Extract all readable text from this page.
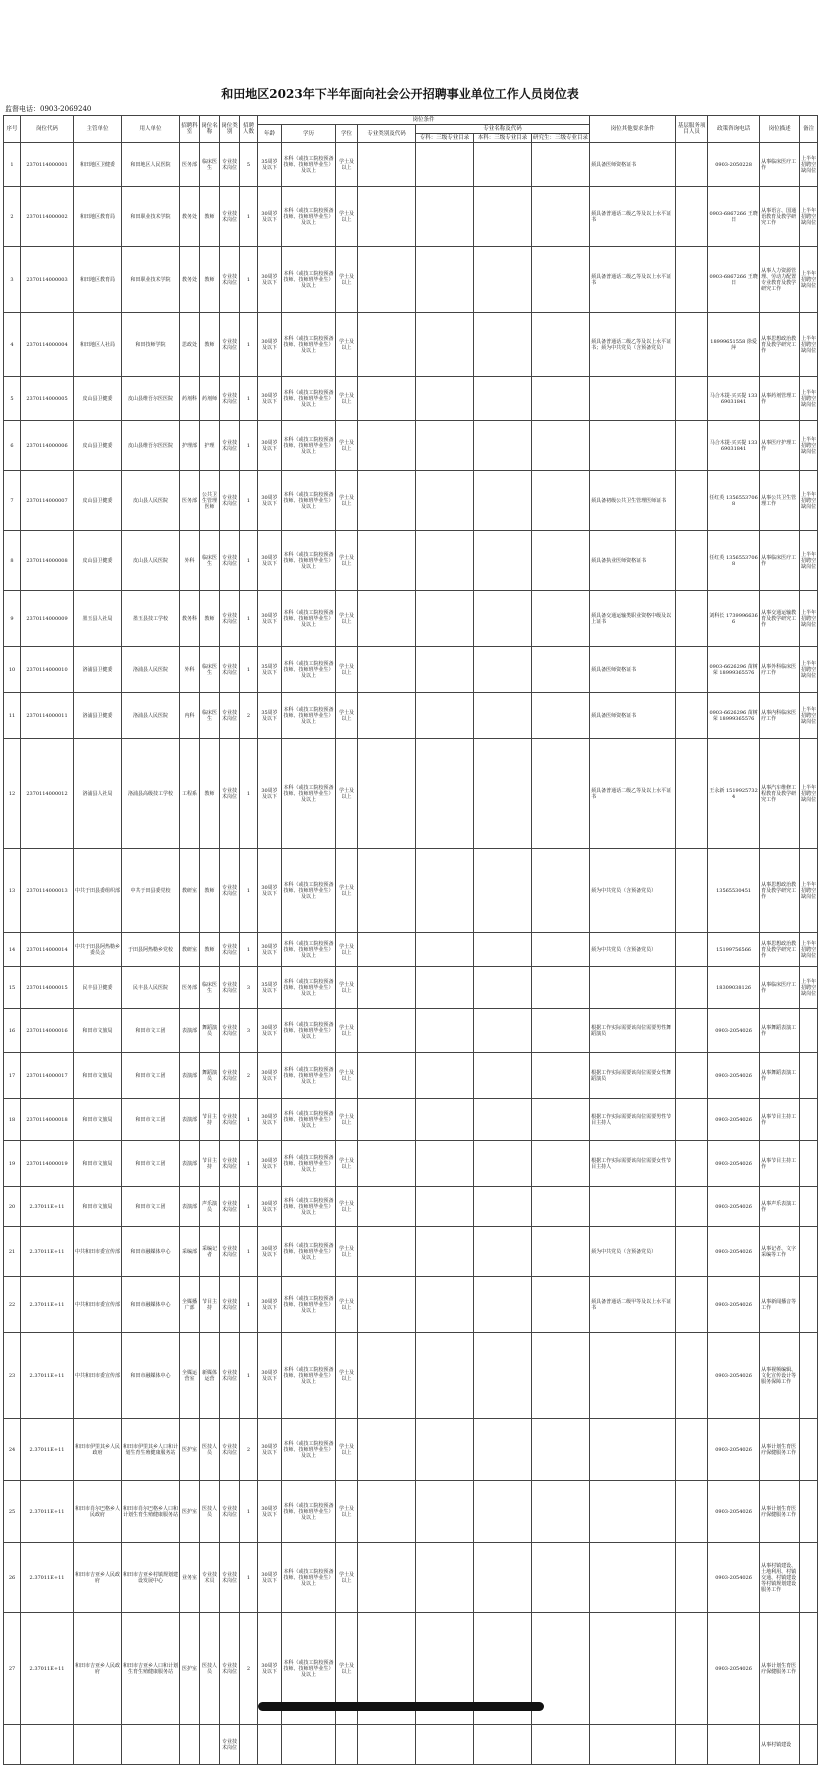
和田地区2023年下半年面向社会公开招聘事业单位工作人员岗位表
监督电话：0903-2069240
序号	岗位代码	主管单位	用人单位	招聘科室	岗位名称	岗位类别	招聘人数	岗位条件							岗位其他要求条件	基层服务项目人员	政策咨询电话	岗位描述	备注
								年龄	学历	学位	专业类别及代码	专业名称及代码							
												专科：三级专业目录	本科：三级专业目录	研究生：三级专业目录					
1	2370114000001	和田地区卫健委	和田地区人民医院	医务部	临床医生	专业技术岗位	5	35周岁及以下	本科（或技工院校预备技师、技师班毕业生）及以上	学士及以上					须具备医师资格证书		0903-2050228	从事临床医疗工作	上半年招聘空缺岗位
2	2370114000002	和田地区教育局	和田职业技术学院	教务处	教师	专业技术岗位	1	30周岁及以下	本科（或技工院校预备技师、技师班毕业生）及以上	学士及以上					须具备普通话二级乙等及以上水平证书		0903-6867266 王晓日	从事语言、国通语教育及教学研究工作	上半年招聘空缺岗位
3	2370114000003	和田地区教育局	和田职业技术学院	教务处	教师	专业技术岗位	1	30周岁及以下	本科（或技工院校预备技师、技师班毕业生）及以上	学士及以上					须具备普通话二级乙等及以上水平证书		0903-6867266 王晓日	从事人力资源管理、劳动力配置专业教育及教学研究工作	上半年招聘空缺岗位
4	2370114000004	和田地区人社局	和田技师学院	思政处	教师	专业技术岗位	1	30周岁及以下	本科（或技工院校预备技师、技师班毕业生）及以上	学士及以上					须具备普通话二级乙等及以上水平证书；须为中共党员（含预备党员）		18999651558 徐爱萍	从事思想政治教育及教学研究工作	上半年招聘空缺岗位
5	2370114000005	皮山县卫健委	皮山县维吾尔医医院	药剂科	药剂师	专业技术岗位	1	30周岁及以下	本科（或技工院校预备技师、技师班毕业生）及以上	学士及以上							马合木提·买买提 13369031841	从事药剂管理工作	上半年招聘空缺岗位
6	2370114000006	皮山县卫健委	皮山县维吾尔医医院	护理部	护理	专业技术岗位	1	30周岁及以下	本科（或技工院校预备技师、技师班毕业生）及以上	学士及以上							马合木提·买买提 13369031841	从事医疗护理工作	上半年招聘空缺岗位
7	2370114000007	皮山县卫健委	皮山县人民医院	医务部	公共卫生管理医师	专业技术岗位	1	30周岁及以下	本科（或技工院校预备技师、技师班毕业生）及以上	学士及以上					须具备初级公共卫生管理医师证书		任红英 13565537068	从事公共卫生管理工作	上半年招聘空缺岗位
8	2370114000008	皮山县卫健委	皮山县人民医院	外科	临床医生	专业技术岗位	1	30周岁及以下	本科（或技工院校预备技师、技师班毕业生）及以上	学士及以上					须具备执业医师资格证书		任红英 13565537068	从事临床医疗工作	上半年招聘空缺岗位
9	2370114000009	墨玉县人社局	墨玉县技工学校	教务科	教师	专业技术岗位	1	30周岁及以下	本科（或技工院校预备技师、技师班毕业生）及以上	学士及以上					须具备交通运输类职业资格中级及以上证书		刘科长 17399966366	从事交通运输教育及教学研究工作	上半年招聘空缺岗位
10	2370114000010	洛浦县卫健委	洛浦县人民医院	外科	临床医生	专业技术岗位	1	35周岁及以下	本科（或技工院校预备技师、技师班毕业生）及以上	学士及以上					须具备医师资格证书		0903-6626296 苗树荣 18999365576	从事外科临床医疗工作	上半年招聘空缺岗位
11	2370114000011	洛浦县卫健委	洛浦县人民医院	内科	临床医生	专业技术岗位	2	35周岁及以下	本科（或技工院校预备技师、技师班毕业生）及以上	学士及以上					须具备医师资格证书		0903-6626296 苗树荣 18999365576	从事内科临床医疗工作	上半年招聘空缺岗位
12	2370114000012	洛浦县人社局	洛浦县高级技工学校	工程系	教师	专业技术岗位	1	30周岁及以下	本科（或技工院校预备技师、技师班毕业生）及以上	学士及以上					须具备普通话二级乙等及以上水平证书		王永新 15199257324	从事汽车维修工程教育及教学研究工作	上半年招聘空缺岗位
13	2370114000013	中共于田县委组织部	中共于田县委党校	教研室	教师	专业技术岗位	1	30周岁及以下	本科（或技工院校预备技师、技师班毕业生）及以上	学士及以上					须为中共党员（含预备党员）		13565530451	从事思想政治教育及教学研究工作	上半年招聘空缺岗位
14	2370114000014	中共于田县阿热勒乡委员会	于田县阿热勒乡党校	教研室	教师	专业技术岗位	1	30周岁及以下	本科（或技工院校预备技师、技师班毕业生）及以上	学士及以上					须为中共党员（含预备党员）		15199756566	从事思想政治教育及教学研究工作	上半年招聘空缺岗位
15	2370114000015	民丰县卫健委	民丰县人民医院	医务部	临床医生	专业技术岗位	3	35周岁及以下	本科（或技工院校预备技师、技师班毕业生）及以上	学士及以上							18309038126	从事临床医疗工作	上半年招聘空缺岗位
16	2370114000016	和田市文旅局	和田市文工团	表演部	舞蹈演员	专业技术岗位	3	30周岁及以下	本科（或技工院校预备技师、技师班毕业生）及以上	学士及以上					根据工作实际需要该岗位需要男性舞蹈演员		0903-2054026	从事舞蹈表演工作	
17	2370114000017	和田市文旅局	和田市文工团	表演部	舞蹈演员	专业技术岗位	2	30周岁及以下	本科（或技工院校预备技师、技师班毕业生）及以上	学士及以上					根据工作实际需要该岗位需要女性舞蹈演员		0903-2054026	从事舞蹈表演工作	
18	2370114000018	和田市文旅局	和田市文工团	表演部	节目主持	专业技术岗位	1	30周岁及以下	本科（或技工院校预备技师、技师班毕业生）及以上	学士及以上					根据工作实际需要该岗位需要男性节目主持人		0903-2054026	从事节目主持工作	
19	2370114000019	和田市文旅局	和田市文工团	表演部	节目主持	专业技术岗位	1	30周岁及以下	本科（或技工院校预备技师、技师班毕业生）及以上	学士及以上					根据工作实际需要该岗位需要女性节目主持人		0903-2054026	从事节目主持工作	
20	2.37011E+11	和田市文旅局	和田市文工团	表演部	声乐演员	专业技术岗位	1	30周岁及以下	本科（或技工院校预备技师、技师班毕业生）及以上	学士及以上							0903-2054026	从事声乐表演工作	
21	2.37011E+11	中共和田市委宣传部	和田市融媒体中心	采编部	采编记者	专业技术岗位	1	30周岁及以下	本科（或技工院校预备技师、技师班毕业生）及以上	学士及以上					须为中共党员（含预备党员）		0903-2054026	从事记者、文字采编等工作	
22	2.37011E+11	中共和田市委宣传部	和田市融媒体中心	全媒播广部	节目主持	专业技术岗位	1	30周岁及以下	本科（或技工院校预备技师、技师班毕业生）及以上	学士及以上					须具备普通话二级甲等及以上水平证书		0903-2054026	从事新闻播音等工作	
23	2.37011E+11	中共和田市委宣传部	和田市融媒体中心	全媒运营室	新媒体运营	专业技术岗位	1	30周岁及以下	本科（或技工院校预备技师、技师班毕业生）及以上	学士及以上							0903-2054026	从事视频编辑、文化宣传设计等服务保障工作	
24	2.37011E+11	和田市伊里其乡人民政府	和田市伊里其乡人口和计划生育生殖健康服务站	医护室	医技人员	专业技术岗位	2	30周岁及以下	本科（或技工院校预备技师、技师班毕业生）及以上	学士及以上							0903-2054026	从事计划生育医疗保健服务工作	
25	2.37011E+11	和田市肖尔巴格乡人民政府	和田市肖尔巴格乡人口和计划生育生殖健康服务站	医护室	医技人员	专业技术岗位	1	30周岁及以下	本科（或技工院校预备技师、技师班毕业生）及以上	学士及以上							0903-2054026	从事计划生育医疗保健服务工作	
26	2.37011E+11	和田市吉亚乡人民政府	和田市吉亚乡村镇规划建设发展中心	业务室	专业技术员	专业技术岗位	1	30周岁及以下	本科（或技工院校预备技师、技师班毕业生）及以上	学士及以上							0903-2054026	从事村镇建设、土地利用、村镇交通、村镇建设等村镇规划建设服务工作	
27	2.37011E+11	和田市吉亚乡人民政府	和田市吉亚乡人口和计划生育生殖健康服务站	医护室	医技人员	专业技术岗位	2	30周岁及以下	本科（或技工院校预备技师、技师班毕业生）及以上	学士及以上							0903-2054026	从事计划生育医疗保健服务工作	
						专业技术岗位												从事村镇建设	
